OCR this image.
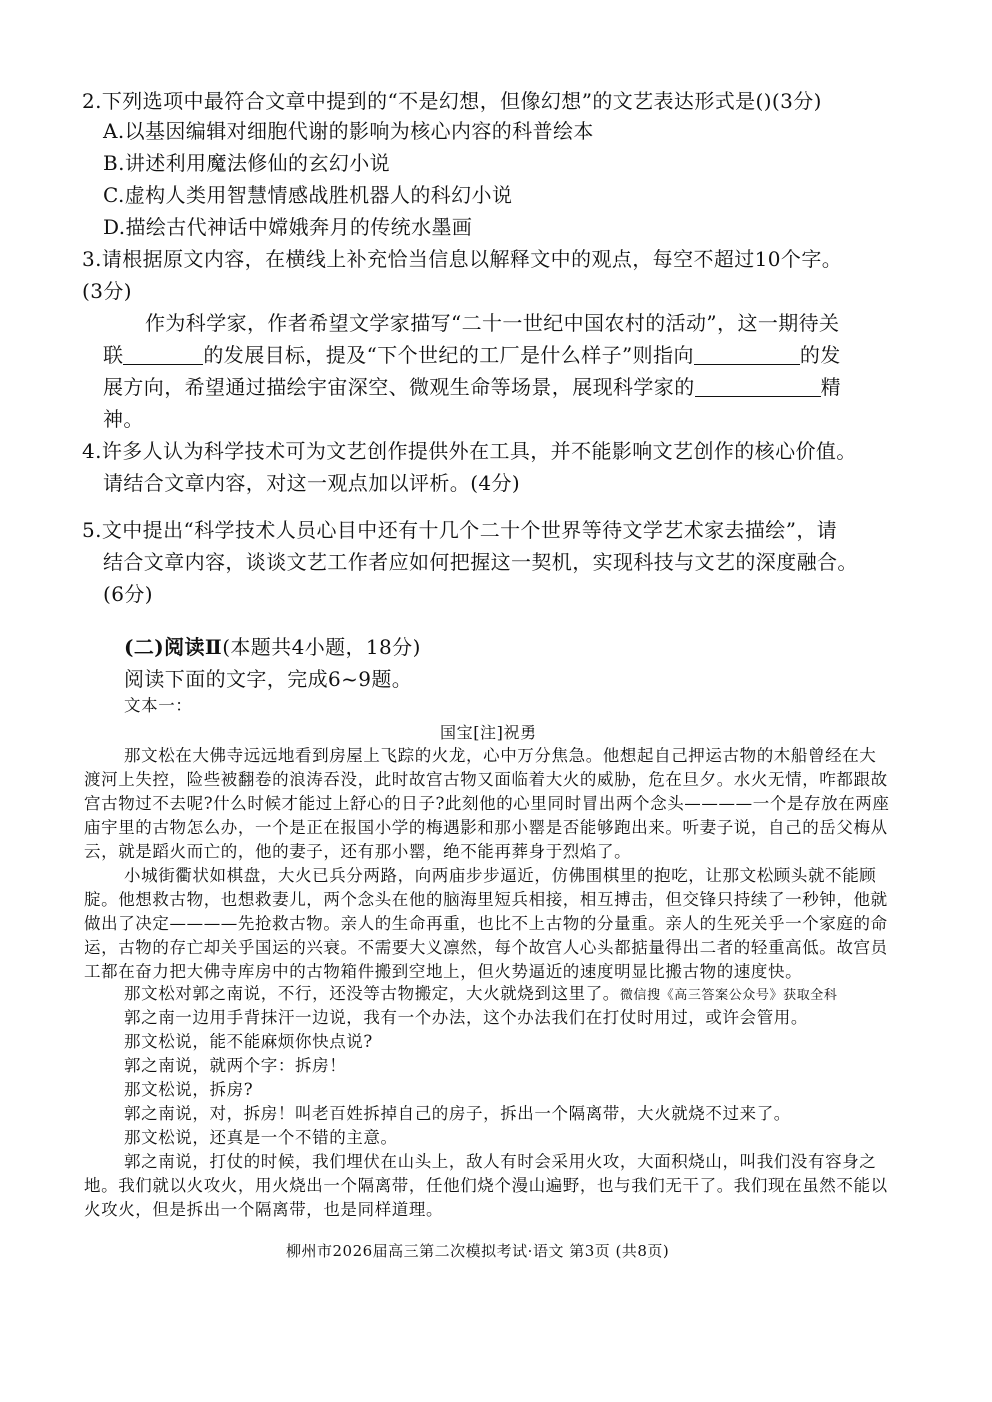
2.下列选项中最符合文章中提到的“不是幻想，但像幻想”的文艺表达形式是()(3分)
A.以基因编辑对细胞代谢的影响为核心内容的科普绘本
B.讲述利用魔法修仙的玄幻小说
C.虚构人类用智慧情感战胜机器人的科幻小说
D.描绘古代神话中嫦娥奔月的传统水墨画
3.请根据原文内容，在横线上补充恰当信息以解释文中的观点，每空不超过10个字。
(3分)
作为科学家，作者希望文学家描写“二十一世纪中国农村的活动”，这一期待关
联	的发展目标，提及“下个世纪的工厂是什么样子”则指向	的发
展方向，希望通过描绘宇宙深空、微观生命等场景，展现科学家的	精
神。
4.许多人认为科学技术可为文艺创作提供外在工具，并不能影响文艺创作的核心价值。
请结合文章内容，对这一观点加以评析。(4分)
5.文中提出“科学技术人员心目中还有十几个二十个世界等待文学艺术家去描绘”，请
结合文章内容，谈谈文艺工作者应如何把握这一契机，实现科技与文艺的深度融合。
(6分)
(二)阅读Ⅱ(本题共4小题，18分)
阅读下面的文字，完成6~9题。
文本一：
国宝[注]祝勇
那文松在大佛寺远远地看到房屋上飞踪的火龙，心中万分焦急。他想起自己押运古物的木船曾经在大
渡河上失控，险些被翻卷的浪涛吞没，此时故宫古物又面临着大火的威胁，危在旦夕。水火无情，咋都跟故
宫古物过不去呢?什么时候才能过上舒心的日子?此刻他的心里同时冒出两个念头————一个是存放在两座
庙宇里的古物怎么办，一个是正在报国小学的梅遇影和那小罂是否能够跑出来。听妻子说，自己的岳父梅从
云，就是蹈火而亡的，他的妻子，还有那小罂，绝不能再葬身于烈焰了。
小城街衢状如棋盘，大火已兵分两路，向两庙步步逼近，仿佛围棋里的抱吃，让那文松顾头就不能顾
腚。他想救古物，也想救妻儿，两个念头在他的脑海里短兵相接，相互搏击，但交锋只持续了一秒钟，他就
做出了决定————先抢救古物。亲人的生命再重，也比不上古物的分量重。亲人的生死关乎一个家庭的命
运，古物的存亡却关乎国运的兴衰。不需要大义凛然，每个故宫人心头都掂量得出二者的轻重高低。故宫员
工都在奋力把大佛寺库房中的古物箱件搬到空地上，但火势逼近的速度明显比搬古物的速度快。
那文松对郭之南说，不行，还没等古物搬定，大火就烧到这里了。微信搜《高三答案公众号》获取全科
郭之南一边用手背抹汗一边说，我有一个办法，这个办法我们在打仗时用过，或许会管用。
那文松说，能不能麻烦你快点说?
郭之南说，就两个字：拆房！
那文松说，拆房?
郭之南说，对，拆房！叫老百姓拆掉自己的房子，拆出一个隔离带，大火就烧不过来了。
那文松说，还真是一个不错的主意。
郭之南说，打仗的时候，我们埋伏在山头上，敌人有时会采用火攻，大面积烧山，叫我们没有容身之
地。我们就以火攻火，用火烧出一个隔离带，任他们烧个漫山遍野，也与我们无干了。我们现在虽然不能以
火攻火，但是拆出一个隔离带，也是同样道理。
柳州市2026届高三第二次模拟考试·语文 第3页 (共8页)
